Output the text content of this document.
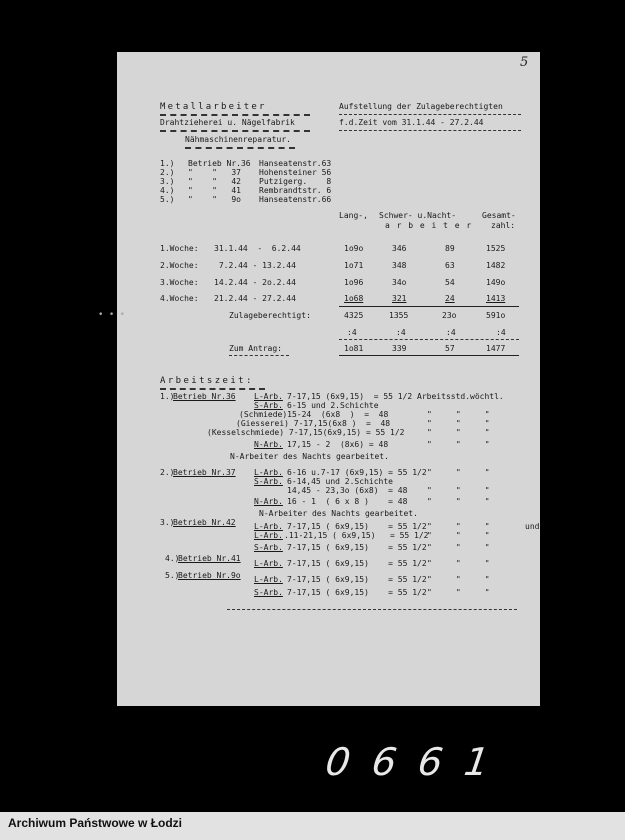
Metallarbeiter
Drahtzieherei u. Nägelfabrik
Nähmaschinenreparatur.
Aufstellung der Zulageberechtigten
f.d.Zeit vom 31.1.44 - 27.2.44
1.) Betrieb Nr.36 Hanseatenstr.63
2.) "    "   37 Hohensteiner 56
3.) "    "   42 Putzigerg.    8
4.) "    "   41 Rembrandtstr. 6
5.) "    "   9o Hanseatenstr.66
Lang-, Schwer- u.Nacht-
a r b e i t e r
Gesamt-
zahl:
1.Woche: 31.1.44  -  6.2.44	1o9o	346	89	1525
2.Woche: 7.2.44 - 13.2.44	1o71	348	63	1482
3.Woche: 14.2.44 - 2o.2.44	1o96	34o	54	149o
4.Woche: 21.2.44 - 27.2.44	1o68	321	24	1413
Zulageberechtigt:	4325	1355	23o	591o
:4	:4	:4	:4
Zum Antrag:	1o81	339	57	1477
Arbeitszeit:
1.)
Betrieb Nr.36 L-Arb. 7-17,15 (6x9,15)  = 55 1/2 Arbeitsstd.wöchtl.
S-Arb. 6-15 und 2.Schichte
(Schmiede)15-24  (6x8  )  =  48	"     "     "
(Giesserei) 7-17,15(6x8 )  =  48	"     "     "
(Kesselschmiede) 7-17,15(6x9,15) = 55 1/2	"     "     "
N-Arb. 17,15 - 2  (8x6) = 48	"     "     "
N-Arbeiter des Nachts gearbeitet.
2.)
Betrieb Nr.37 L-Arb. 6-16 u.7-17 (6x9,15) = 55 1/2 "     "     "
S-Arb. 6-14,45 und 2.Schichte
14,45 - 23,3o (6x8)  = 48 "     "     "
N-Arb. 16 - 1  ( 6 x 8 )    = 48 "     "     "
N-Arbeiter des Nachts gearbeitet.
3.)
Betrieb Nr.42 L-Arb. 7-17,15 ( 6x9,15)    = 55 1/2 "     "     "	und
L-Arb. .11-21,15 ( 6x9,15)   = 55 1/2
"     "     "
S-Arb. 7-17,15 ( 6x9,15)    = 55 1/2 "     "     "
4.)
Betrieb Nr.41
L-Arb. 7-17,15 ( 6x9,15)    = 55 1/2 "     "     "
5.)
Betrieb Nr.9o L-Arb. 7-17,15 ( 6x9,15)    = 55 1/2 "     "     "
S-Arb. 7-17,15 ( 6x9,15)    = 55 1/2 "     "     "
5
• • •
0661
Archiwum Państwowe w Łodzi
